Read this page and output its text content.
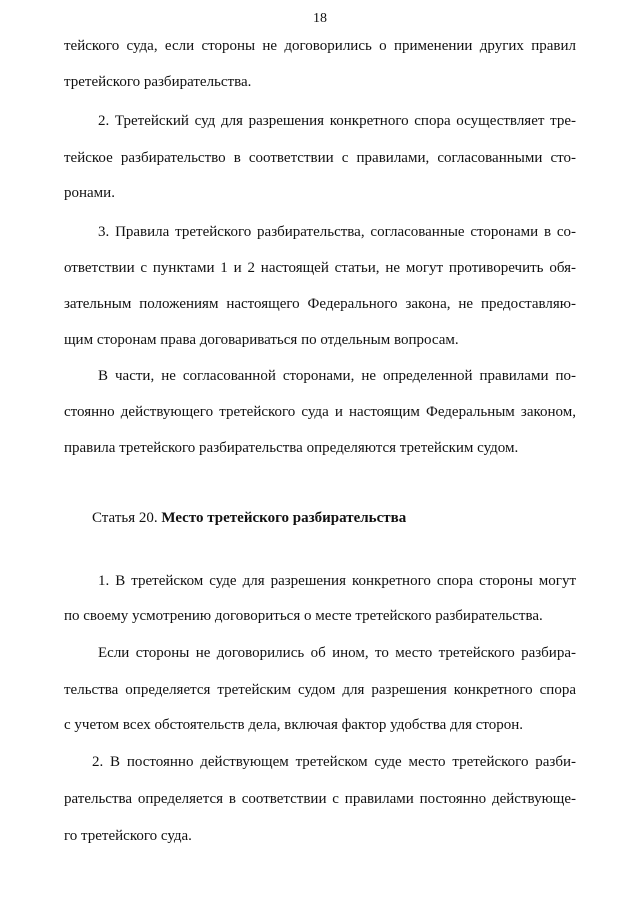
18
тейского суда, если стороны не договорились о применении других правил
третейского разбирательства.
2. Третейский суд для разрешения конкретного спора осуществляет тре-
тейское разбирательство в соответствии с правилами, согласованными сто-
ронами.
3. Правила третейского разбирательства, согласованные сторонами в со-
ответствии с пунктами 1 и 2 настоящей статьи, не могут противоречить обя-
зательным положениям настоящего Федерального закона, не предоставляю-
щим сторонам права договариваться по отдельным вопросам.
В части, не согласованной сторонами, не определенной правилами по-
стоянно действующего третейского суда и настоящим Федеральным законом,
правила третейского разбирательства определяются третейским судом.
Статья 20. Место третейского разбирательства
1. В третейском суде для разрешения конкретного спора стороны могут
по своему усмотрению договориться о месте третейского разбирательства.
Если стороны не договорились об ином, то место третейского разбира-
тельства определяется третейским судом для разрешения конкретного спора
с учетом всех обстоятельств дела, включая фактор удобства для сторон.
2. В постоянно действующем третейском суде место третейского разби-
рательства определяется в соответствии с правилами постоянно действующе-
го третейского суда.
